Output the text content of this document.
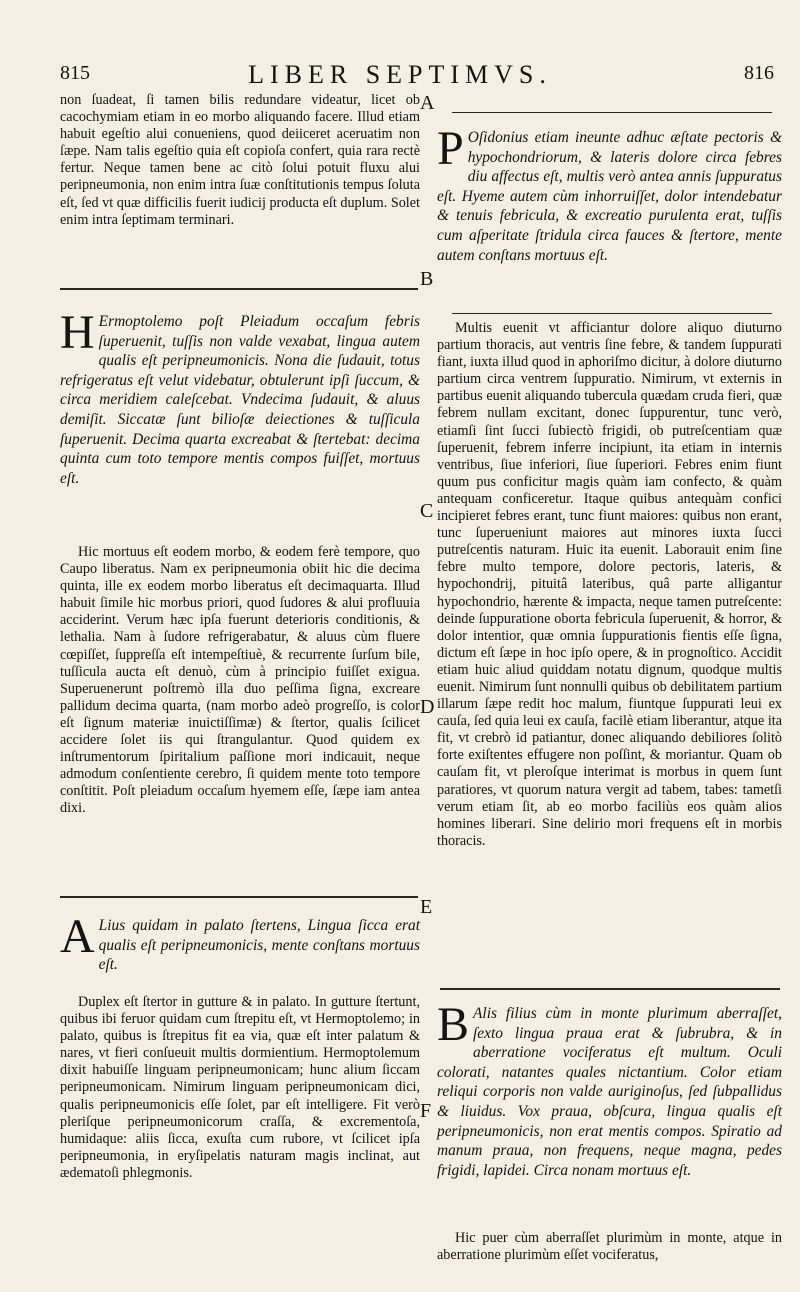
815	LIBER SEPTIMVS.	816

non ſuadeat, ſi tamen bilis redundare videatur, licet ob cacochymiam etiam in eo morbo aliquando facere. Illud etiam habuit egeſtio alui conueniens, quod deiiceret aceruatim non ſæpe. Nam talis egeſtio quia eſt copioſa confert, quia rara rectè fertur. Neque tamen bene ac citò ſolui potuit fluxu alui peripneumonia, non enim intra ſuæ conſtitutionis tempus ſoluta eſt, ſed vt quæ difficilis fuerit iudicij producta eſt duplum. Solet enim intra ſeptimam terminari.

H Ermoptolemo poſt Pleiadum occaſum febris ſuperuenit, tuſſis non valde vexabat, lingua autem qualis eſt peripneumonicis. Nona die ſudauit, totus refrigeratus eſt velut videbatur, obtulerunt ipſi ſuccum, & circa meridiem caleſcebat. Vndecima ſudauit, & aluus demiſit. Siccatæ ſunt bilioſæ deiectiones & tuſſicula ſuperuenit. Decima quarta excreabat & ſtertebat: decima quinta cum toto tempore mentis compos fuiſſet, mortuus eſt.

Hic mortuus eſt eodem morbo, & eodem ferè tempore, quo Caupo liberatus. Nam ex peripneumonia obiit hic die decima quinta, ille ex eodem morbo liberatus eſt decimaquarta. Illud habuit ſimile hic morbus priori, quod ſudores & alui profluuia acciderint. Verum hæc ipſa fuerunt deterioris conditionis, & lethalia. Nam à ſudore refrigerabatur, & aluus cùm fluere cœpiſſet, ſuppreſſa eſt intempeſtiuè, & recurrente ſurſum bile, tuſſicula aucta eſt denuò, cùm à principio fuiſſet exigua. Superuenerunt poſtremò illa duo peſſima ſigna, excreare pallidum decima quarta, (nam morbo adeò progreſſo, is color eſt ſignum materiæ inuictiſſimæ) & ſtertor, qualis ſcilicet accidere ſolet iis qui ſtrangulantur. Quod quidem ex inſtrumentorum ſpiritalium paſſione mori indicauit, neque admodum conſentiente cerebro, ſi quidem mente toto tempore conſtitit. Poſt pleiadum occaſum hyemem eſſe, ſæpe iam antea dixi.

A Lius quidam in palato ſtertens, Lingua ſicca erat qualis eſt peripneumonicis, mente conſtans mortuus eſt.

Duplex eſt ſtertor in gutture & in palato. In gutture ſtertunt, quibus ibi feruor quidam cum ſtrepitu eſt, vt Hermoptolemo; in palato, quibus is ſtrepitus fit ea via, quæ eſt inter palatum & nares, vt fieri conſueuit multis dormientium. Hermoptolemum dixit habuiſſe linguam peripneumonicam; hunc alium ſiccam peripneumonicam. Nimirum linguam peripneumonicam dici, qualis peripneumonicis eſſe ſolet, par eſt intelligere. Fit verò pleriſque peripneumonicorum craſſa, & excrementoſa, humidaque: aliis ſicca, exuſta cum rubore, vt ſcilicet ipſa peripneumonia, in eryſipelatis naturam magis inclinat, aut ædematoſi phlegmonis.

A
B
C
D
E
F
P Oſidonius etiam ineunte adhuc æſtate pectoris & hypochondriorum, & lateris dolore circa febres diu affectus eſt, multis verò antea annis ſuppuratus eſt. Hyeme autem cùm inhorruiſſet, dolor intendebatur & tenuis febricula, & excreatio purulenta erat, tuſſis cum aſperitate ſtridula circa fauces & ſtertore, mente autem conſtans mortuus eſt.

Multis euenit vt afficiantur dolore aliquo diuturno partium thoracis, aut ventris ſine febre, & tandem ſuppurati fiant, iuxta illud quod in aphoriſmo dicitur, à dolore diuturno partium circa ventrem ſuppuratio. Nimirum, vt externis in partibus euenit aliquando tubercula quædam cruda fieri, quæ febrem nullam excitant, donec ſuppurentur, tunc verò, etiamſi ſint ſucci ſubiectò frigidi, ob putreſcentiam quæ ſuperuenit, febrem inferre incipiunt, ita etiam in internis ventribus, ſiue inferiori, ſiue ſuperiori. Febres enim fiunt quum pus conficitur magis quàm iam confecto, & quàm antequam conficeretur. Itaque quibus antequàm confici incipieret febres erant, tunc fiunt maiores: quibus non erant, tunc ſuperueniunt maiores aut minores iuxta ſucci putreſcentis naturam. Huic ita euenit. Laborauit enim ſine febre multo tempore, dolore pectoris, lateris, & hypochondrij, pituitâ lateribus, quâ parte alligantur hypochondrio, hærente & impacta, neque tamen putreſcente: deinde ſuppuratione oborta febricula ſuperuenit, & horror, & dolor intentior, quæ omnia ſuppurationis fientis eſſe ſigna, dictum eſt ſæpe in hoc ipſo opere, & in prognoſtico. Accidit etiam huic aliud quiddam notatu dignum, quodque multis euenit. Nimirum ſunt nonnulli quibus ob debilitatem partium illarum ſæpe redit hoc malum, fiuntque ſuppurati leui ex cauſa, ſed quia leui ex cauſa, facilè etiam liberantur, atque ita fit, vt crebrò id patiantur, donec aliquando debiliores ſolitò forte exiſtentes effugere non poſſint, & moriantur. Quam ob cauſam fit, vt pleroſque interimat is morbus in quem ſunt paratiores, vt quorum natura vergit ad tabem, tabes: tametſi verum etiam ſit, ab eo morbo faciliùs eos quàm alios homines liberari. Sine delirio mori frequens eſt in morbis thoracis.

B Alis filius cùm in monte plurimum aberraſſet, ſexto lingua praua erat & ſubrubra, & in aberratione vociferatus eſt multum. Oculi colorati, natantes quales nictantium. Color etiam reliqui corporis non valde auriginoſus, ſed ſubpallidus & liuidus. Vox praua, obſcura, lingua qualis eſt peripneumonicis, non erat mentis compos. Spiratio ad manum praua, non frequens, neque magna, pedes frigidi, lapidei. Circa nonam mortuus eſt.

Hic puer cùm aberraſſet plurimùm in monte, atque in aberratione plurimùm eſſet vociferatus,
